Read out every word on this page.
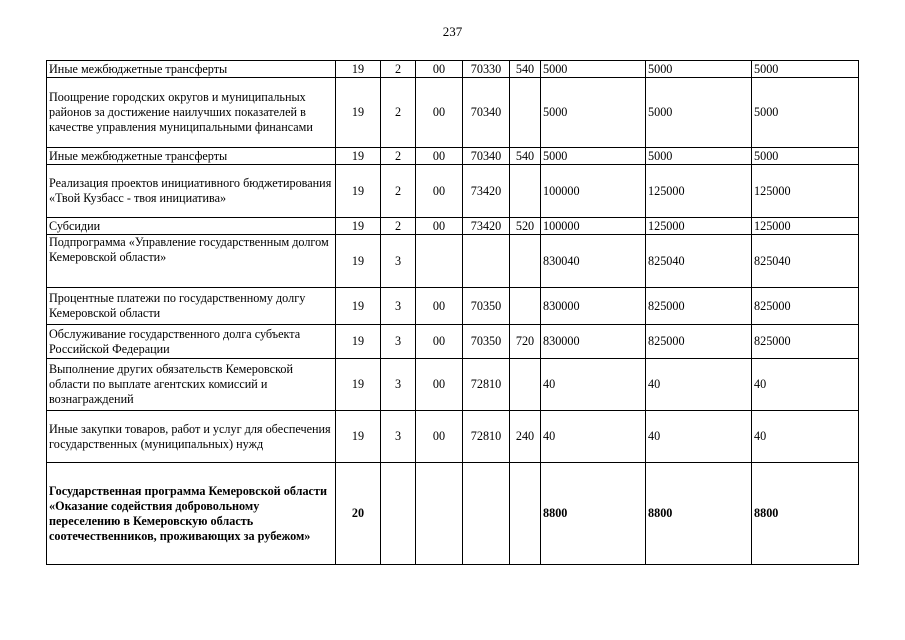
237
Иные межбюджетные трансферты	19	2	00	70330	540	5000	5000	5000
Поощрение городских округов и муниципальных районов за достижение наилучших показателей в качестве управления муниципальными финансами	19	2	00	70340		5000	5000	5000
Иные межбюджетные трансферты	19	2	00	70340	540	5000	5000	5000
Реализация проектов инициативного бюджетирования «Твой Кузбасс - твоя инициатива»	19	2	00	73420		100000	125000	125000
Субсидии	19	2	00	73420	520	100000	125000	125000
Подпрограмма «Управление государственным долгом Кемеровской области»	19	3				830040	825040	825040
Процентные платежи по государственному долгу Кемеровской области	19	3	00	70350		830000	825000	825000
Обслуживание государственного долга субъекта Российской Федерации	19	3	00	70350	720	830000	825000	825000
Выполнение других обязательств Кемеровской области по выплате агентских комиссий и вознаграждений	19	3	00	72810		40	40	40
Иные закупки товаров, работ и услуг для обеспечения государственных (муниципальных) нужд	19	3	00	72810	240	40	40	40
Государственная программа Кемеровской области «Оказание содействия добровольному переселению в Кемеровскую область соотечественников, проживающих за рубежом»	20					8800	8800	8800
